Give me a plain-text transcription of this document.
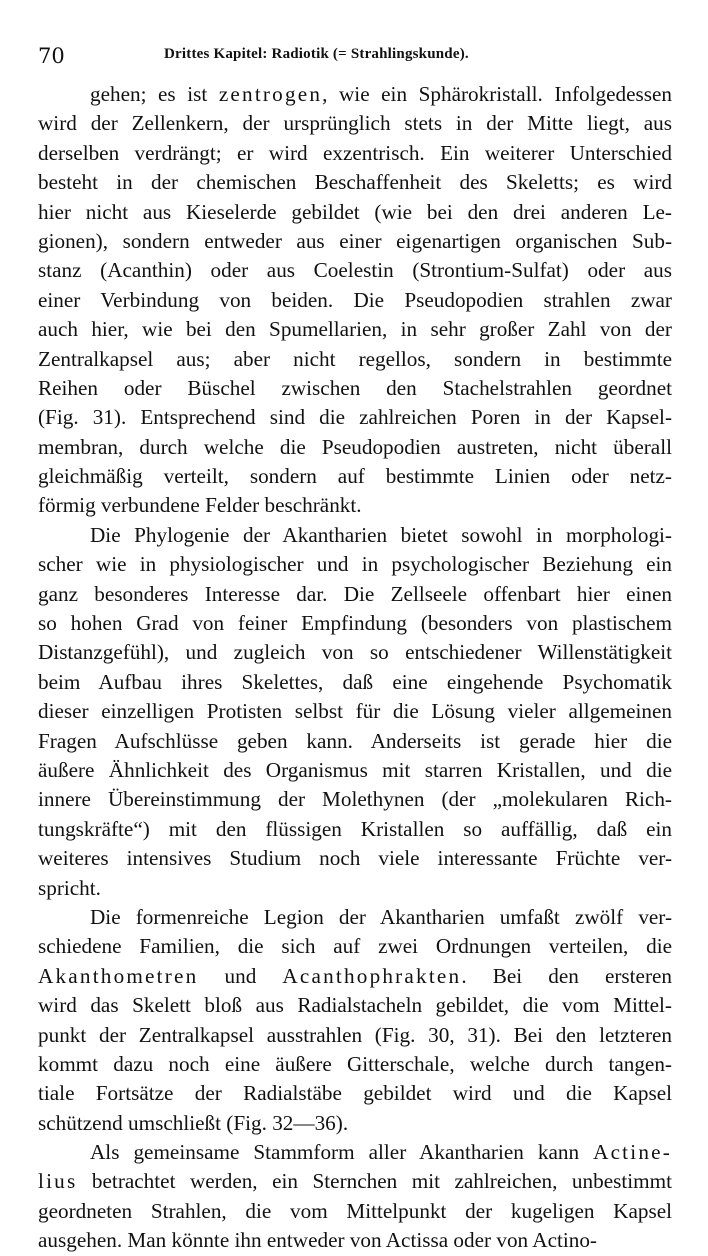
70	Drittes Kapitel: Radiotik (= Strahlingskunde).
gehen; es ist zentrogen, wie ein Sphärokristall. Infolgedessen
wird der Zellenkern, der ursprünglich stets in der Mitte liegt, aus
derselben verdrängt; er wird exzentrisch. Ein weiterer Unterschied
besteht in der chemischen Beschaffenheit des Skeletts; es wird
hier nicht aus Kieselerde gebildet (wie bei den drei anderen Le-
gionen), sondern entweder aus einer eigenartigen organischen Sub-
stanz (Acanthin) oder aus Coelestin (Strontium-Sulfat) oder aus
einer Verbindung von beiden. Die Pseudopodien strahlen zwar
auch hier, wie bei den Spumellarien, in sehr großer Zahl von der
Zentralkapsel aus; aber nicht regellos, sondern in bestimmte
Reihen oder Büschel zwischen den Stachelstrahlen geordnet
(Fig. 31). Entsprechend sind die zahlreichen Poren in der Kapsel-
membran, durch welche die Pseudopodien austreten, nicht überall
gleichmäßig verteilt, sondern auf bestimmte Linien oder netz-
förmig verbundene Felder beschränkt.
Die Phylogenie der Akantharien bietet sowohl in morphologi-
scher wie in physiologischer und in psychologischer Beziehung ein
ganz besonderes Interesse dar. Die Zellseele offenbart hier einen
so hohen Grad von feiner Empfindung (besonders von plastischem
Distanzgefühl), und zugleich von so entschiedener Willenstätigkeit
beim Aufbau ihres Skelettes, daß eine eingehende Psychomatik
dieser einzelligen Protisten selbst für die Lösung vieler allgemeinen
Fragen Aufschlüsse geben kann. Anderseits ist gerade hier die
äußere Ähnlichkeit des Organismus mit starren Kristallen, und die
innere Übereinstimmung der Molethynen (der „molekularen Rich-
tungskräfte“) mit den flüssigen Kristallen so auffällig, daß ein
weiteres intensives Studium noch viele interessante Früchte ver-
spricht.
Die formenreiche Legion der Akantharien umfaßt zwölf ver-
schiedene Familien, die sich auf zwei Ordnungen verteilen, die
Akanthometren und Acanthophrakten. Bei den ersteren
wird das Skelett bloß aus Radialstacheln gebildet, die vom Mittel-
punkt der Zentralkapsel ausstrahlen (Fig. 30, 31). Bei den letzteren
kommt dazu noch eine äußere Gitterschale, welche durch tangen-
tiale Fortsätze der Radialstäbe gebildet wird und die Kapsel
schützend umschließt (Fig. 32—36).
Als gemeinsame Stammform aller Akantharien kann Actine-
lius betrachtet werden, ein Sternchen mit zahlreichen, unbestimmt
geordneten Strahlen, die vom Mittelpunkt der kugeligen Kapsel
ausgehen. Man könnte ihn entweder von Actissa oder von Actino-
